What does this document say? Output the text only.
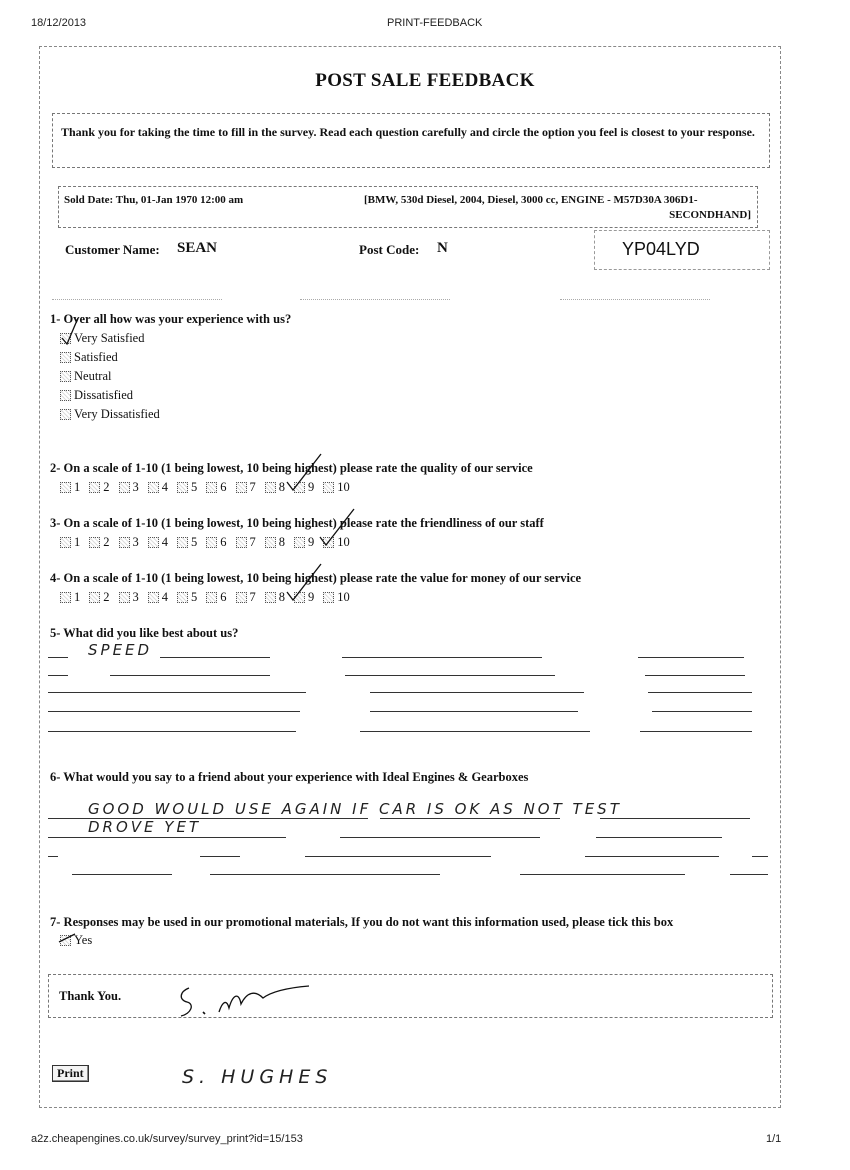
18/12/2013	PRINT-FEEDBACK
POST SALE FEEDBACK
Thank you for taking the time to fill in the survey. Read each question carefully and circle the option you feel is closest to your response.
Sold Date: Thu, 01-Jan 1970 12:00 am	[BMW, 530d Diesel, 2004, Diesel, 3000 cc, ENGINE - M57D30A 306D1-
SECONDHAND]
Customer Name: SEAN	Post Code: N	YP04LYD
1- Over all how was your experience with us?
Very Satisfied
Satisfied
Neutral
Dissatisfied
Very Dissatisfied
2- On a scale of 1-10 (1 being lowest, 10 being highest) please rate the quality of our service
1 2 3 4 5 6 7 8 9 10
3- On a scale of 1-10 (1 being lowest, 10 being highest) please rate the friendliness of our staff
1 2 3 4 5 6 7 8 9 10
4- On a scale of 1-10 (1 being lowest, 10 being highest) please rate the value for money of our service
1 2 3 4 5 6 7 8 9 10
5- What did you like best about us?
SPEED
6- What would you say to a friend about your experience with Ideal Engines & Gearboxes
GOOD WOULD USE AGAIN IF CAR IS OK AS NOT TEST
DROVE YET
7- Responses may be used in our promotional materials, If you do not want this information used, please tick this box
Yes
Thank You.
Print	S. HUGHES
a2z.cheapengines.co.uk/survey/survey_print?id=15/153	1/1
